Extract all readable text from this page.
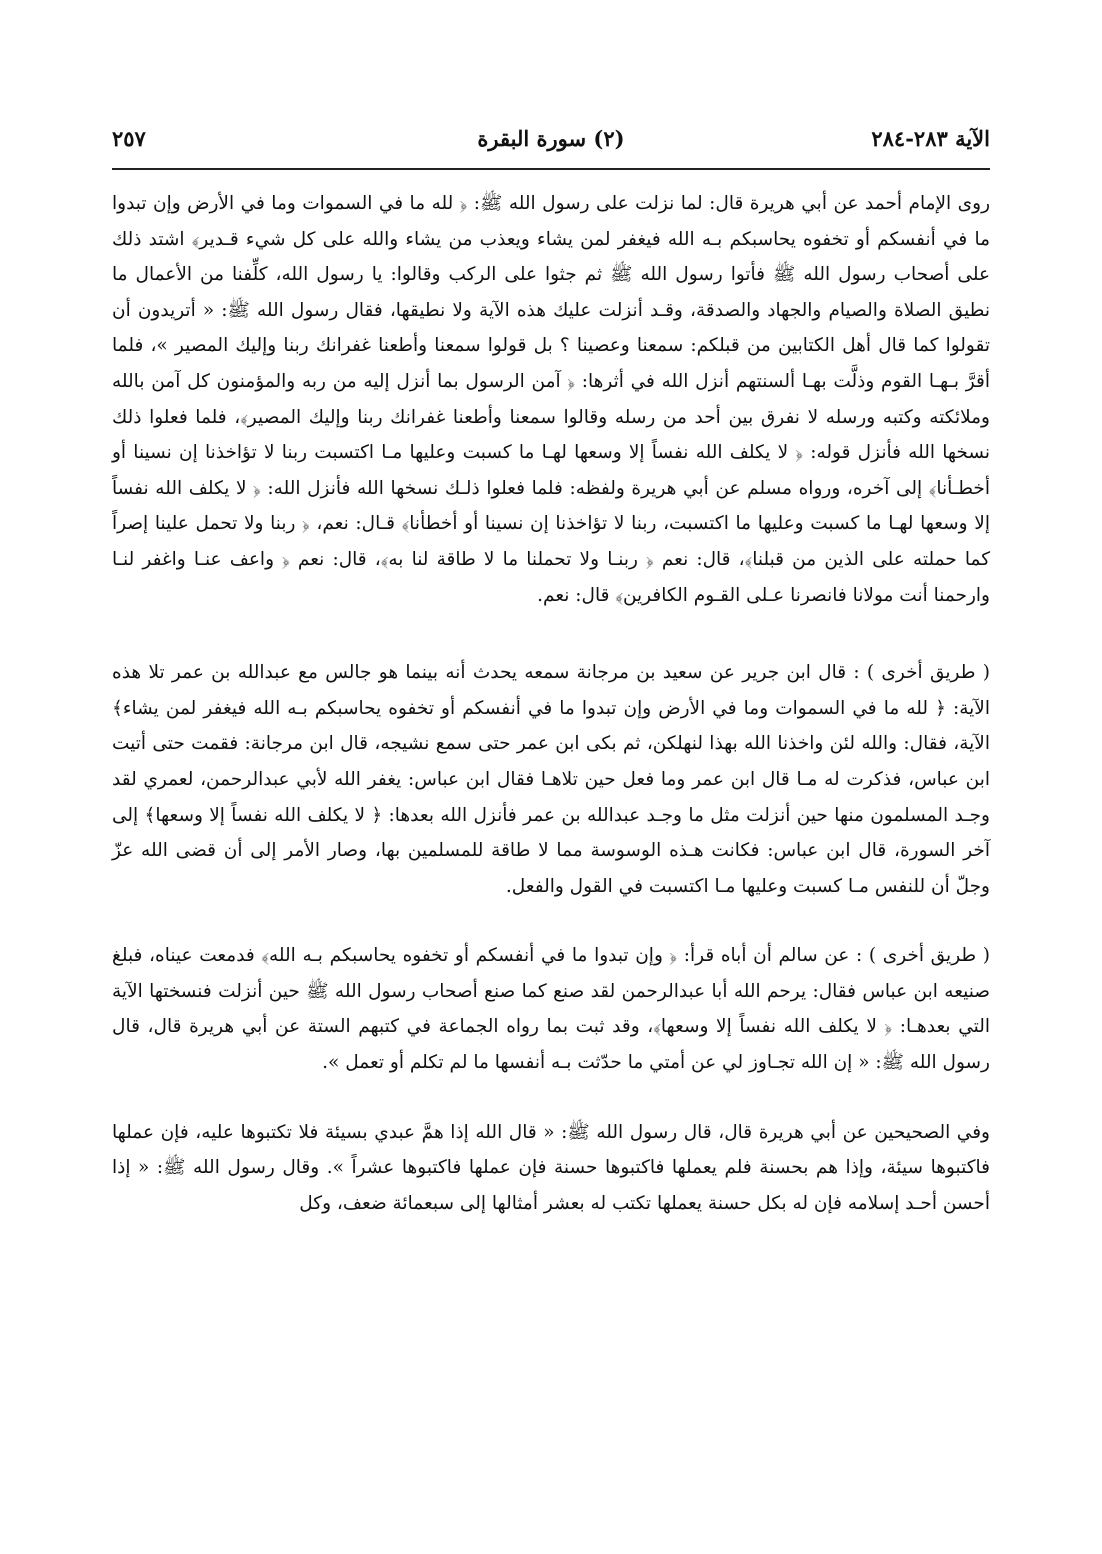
الآية ٢٨٣-٢٨٤
(٢) سورة البقرة
٢٥٧

روى الإمام أحمد عن أبي هريرة قال: لما نزلت على رسول الله ﷺ: ﴿ لله ما في السموات وما في الأرض وإن تبدوا ما في أنفسكم أو تخفوه يحاسبكم بـه الله فيغفر لمن يشاء ويعذب من يشاء والله على كل شيء قـدير﴾ اشتد ذلك على أصحاب رسول الله ﷺ فأتوا رسول الله ﷺ ثم جثوا على الركب وقالوا: يا رسول الله، كلِّفنا من الأعمال ما نطيق الصلاة والصيام والجهاد والصدقة، وقـد أنزلت عليك هذه الآية ولا نطيقها، فقال رسول الله ﷺ: « أتريدون أن تقولوا كما قال أهل الكتابين من قبلكم: سمعنا وعصينا ؟ بل قولوا سمعنا وأطعنا غفرانك ربنا وإليك المصير »، فلما أقرَّ بـهـا القوم وذلَّت بهـا ألسنتهم أنزل الله في أثرها: ﴿ آمن الرسول بما أنزل إليه من ربه والمؤمنون كل آمن بالله وملائكته وكتبه ورسله لا نفرق بين أحد من رسله وقالوا سمعنا وأطعنا غفرانك ربنا وإليك المصير﴾، فلما فعلوا ذلك نسخها الله فأنزل قوله: ﴿ لا يكلف الله نفساً إلا وسعها لهـا ما كسبت وعليها مـا اكتسبت ربنا لا تؤاخذنا إن نسينا أو أخطـأنا﴾ إلى آخره، ورواه مسلم عن أبي هريرة ولفظه: فلما فعلوا ذلـك نسخها الله فأنزل الله: ﴿ لا يكلف الله نفساً إلا وسعها لهـا ما كسبت وعليها ما اكتسبت، ربنا لا تؤاخذنا إن نسينا أو أخطأنا﴾ قـال: نعم، ﴿ ربنا ولا تحمل علينا إصراً كما حملته على الذين من قبلنا﴾، قال: نعم ﴿ ربنـا ولا تحملنا ما لا طاقة لنا به﴾، قال: نعم ﴿ واعف عنـا واغفر لنـا وارحمنا أنت مولانا فانصرنا عـلى القـوم الكافرين﴾ قال: نعم.

( طريق أخرى ) : قال ابن جرير عن سعيد بن مرجانة سمعه يحدث أنه بينما هو جالس مع عبدالله بن عمر تلا هذه الآية: ﴿ لله ما في السموات وما في الأرض وإن تبدوا ما في أنفسكم أو تخفوه يحاسبكم بـه الله فيغفر لمن يشاء﴾ الآية، فقال: والله لئن واخذنا الله بهذا لنهلكن، ثم بكى ابن عمر حتى سمع نشيجه، قال ابن مرجانة: فقمت حتى أتيت ابن عباس، فذكرت له مـا قال ابن عمر وما فعل حين تلاهـا فقال ابن عباس: يغفر الله لأبي عبدالرحمن، لعمري لقد وجـد المسلمون منها حين أنزلت مثل ما وجـد عبدالله بن عمر فأنزل الله بعدها: ﴿ لا يكلف الله نفساً إلا وسعها﴾ إلى آخر السورة، قال ابن عباس: فكانت هـذه الوسوسة مما لا طاقة للمسلمين بها، وصار الأمر إلى أن قضى الله عزّ وجلّ أن للنفس مـا كسبت وعليها مـا اكتسبت في القول والفعل.

( طريق أخرى ) : عن سالم أن أباه قرأ: ﴿ وإن تبدوا ما في أنفسكم أو تخفوه يحاسبكم بـه الله﴾ فدمعت عيناه، فبلغ صنيعه ابن عباس فقال: يرحم الله أبا عبدالرحمن لقد صنع كما صنع أصحاب رسول الله ﷺ حين أنزلت فنسختها الآية التي بعدهـا: ﴿ لا يكلف الله نفساً إلا وسعها﴾، وقد ثبت بما رواه الجماعة في كتبهم الستة عن أبي هريرة قال، قال رسول الله ﷺ: « إن الله تجـاوز لي عن أمتي ما حدّثت بـه أنفسها ما لم تكلم أو تعمل ».

وفي الصحيحين عن أبي هريرة قال، قال رسول الله ﷺ: « قال الله إذا همَّ عبدي بسيئة فلا تكتبوها عليه، فإن عملها فاكتبوها سيئة، وإذا هم بحسنة فلم يعملها فاكتبوها حسنة فإن عملها فاكتبوها عشراً ». وقال رسول الله ﷺ: « إذا أحسن أحـد إسلامه فإن له بكل حسنة يعملها تكتب له بعشر أمثالها إلى سبعمائة ضعف، وكل
